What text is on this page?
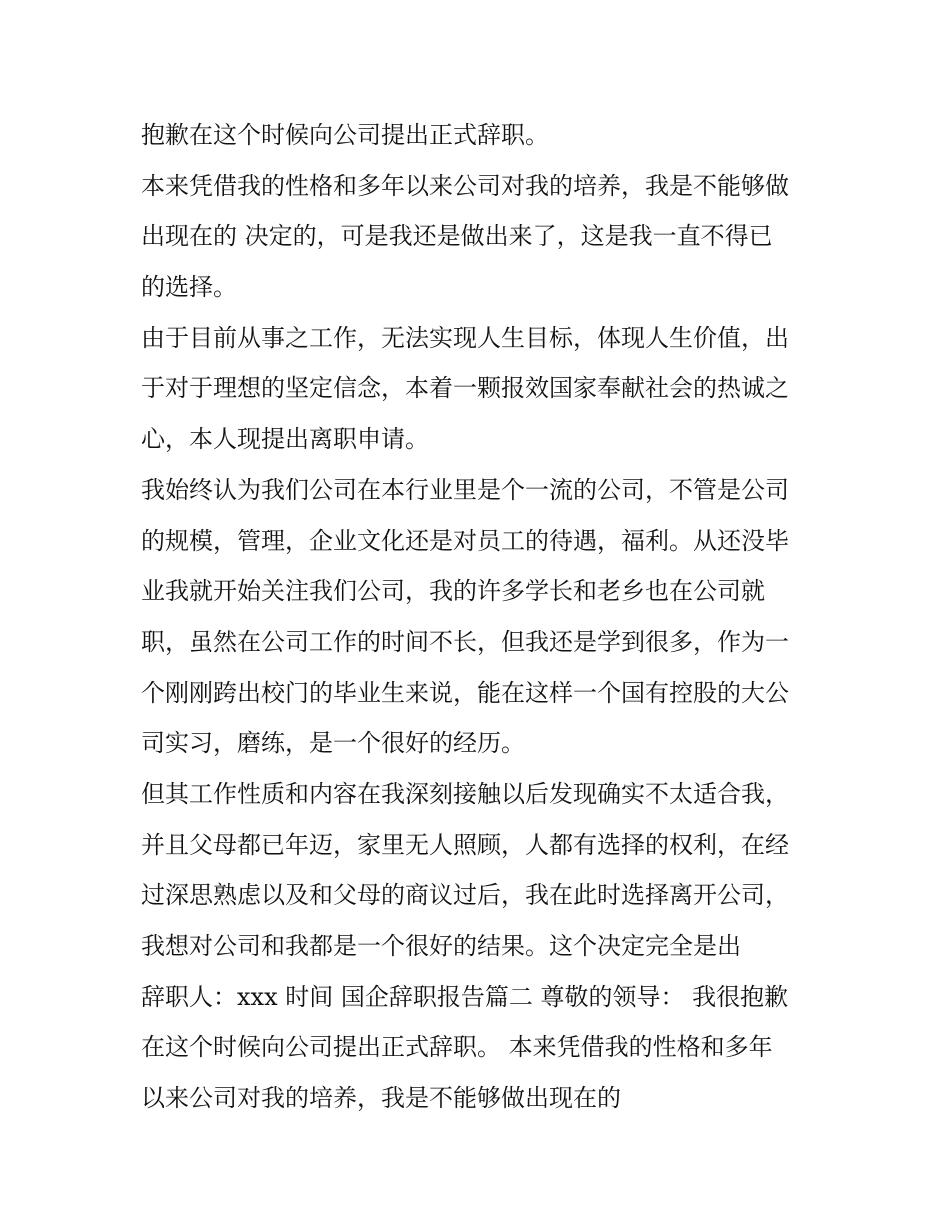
抱歉在这个时候向公司提出正式辞职。
本来凭借我的性格和多年以来公司对我的培养，我是不能够做
出现在的 决定的，可是我还是做出来了，这是我一直不得已
的选择。
由于目前从事之工作，无法实现人生目标，体现人生价值，出
于对于理想的坚定信念，本着一颗报效国家奉献社会的热诚之
心，本人现提出离职申请。
我始终认为我们公司在本行业里是个一流的公司，不管是公司
的规模，管理，企业文化还是对员工的待遇，福利。从还没毕
业我就开始关注我们公司，我的许多学长和老乡也在公司就
职，虽然在公司工作的时间不长，但我还是学到很多，作为一
个刚刚跨出校门的毕业生来说，能在这样一个国有控股的大公
司实习，磨练，是一个很好的经历。
但其工作性质和内容在我深刻接触以后发现确实不太适合我，
并且父母都已年迈，家里无人照顾，人都有选择的权利，在经
过深思熟虑以及和父母的商议过后，我在此时选择离开公司，
我想对公司和我都是一个很好的结果。这个决定完全是出
辞职人：xxx 时间 国企辞职报告篇二 尊敬的领导： 我很抱歉
在这个时候向公司提出正式辞职。 本来凭借我的性格和多年
以来公司对我的培养，我是不能够做出现在的
